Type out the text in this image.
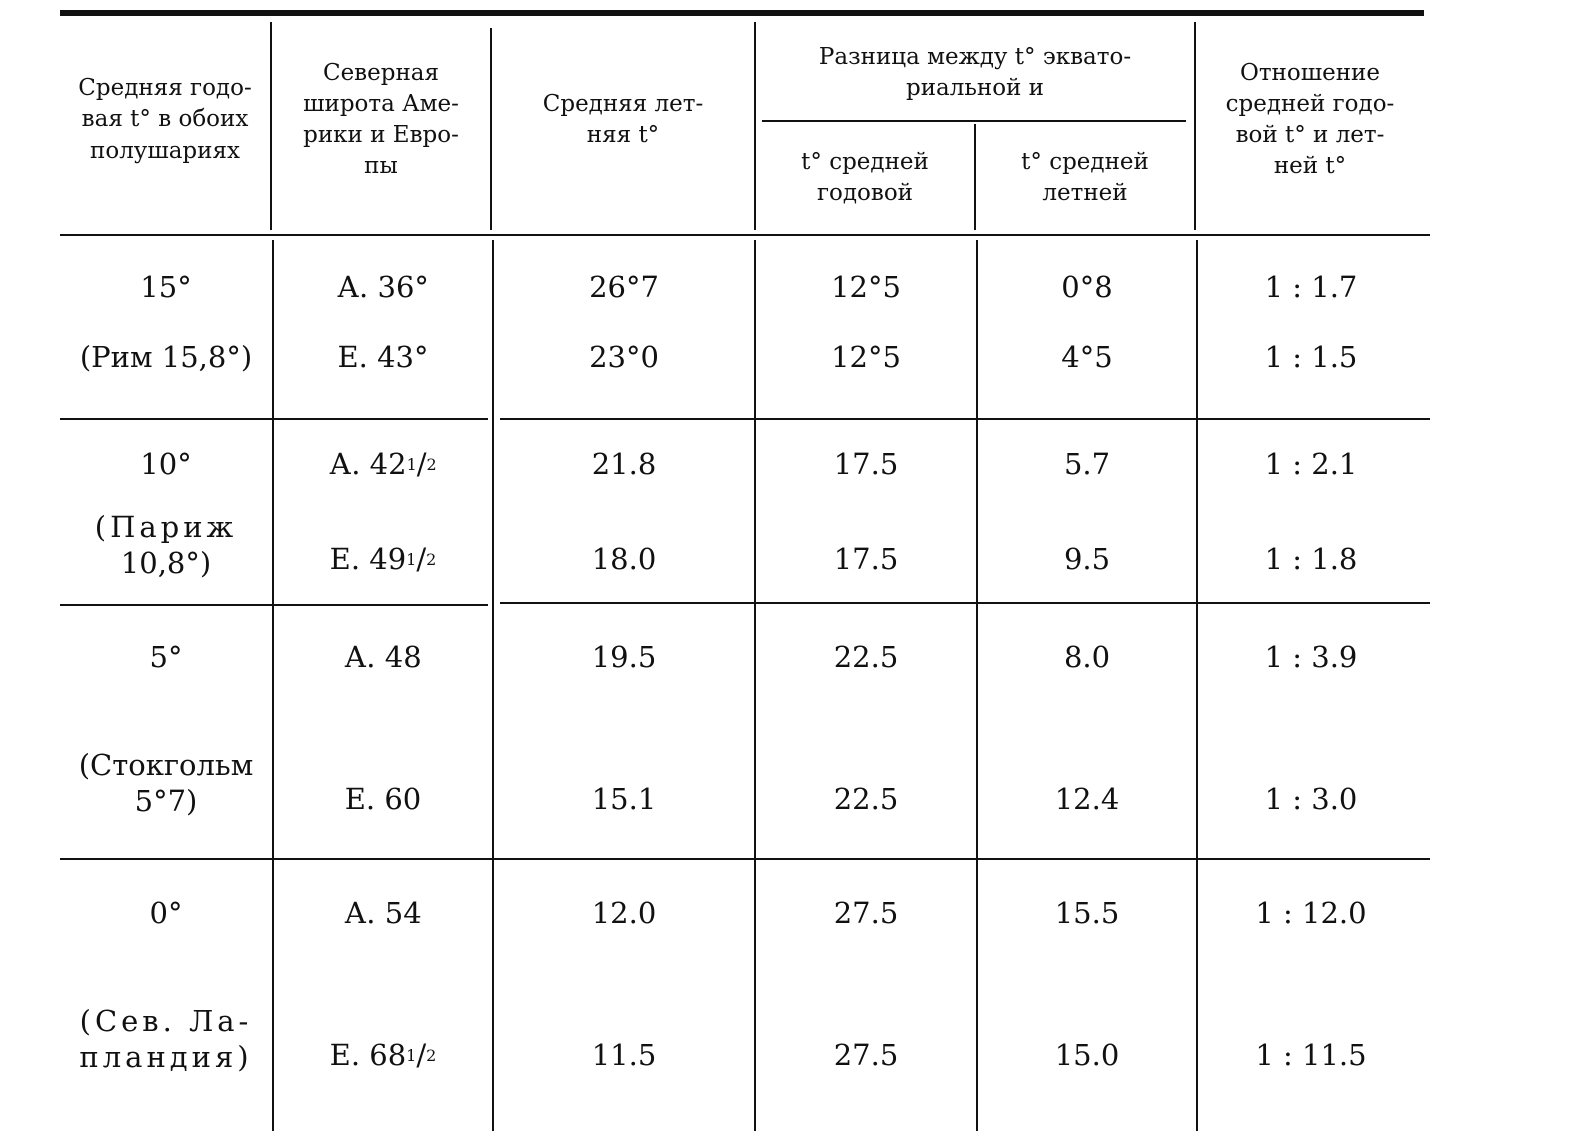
Средняя годо-
вая t° в обоих
полушариях
Северная
широта Аме-
рики и Евро-
пы
Средняя лет-
няя t°
Разница между t° эквато-
риальной и
t° средней
годовой
t° средней
летней
Отношение
средней годо-
вой t° и лет-
ней t°
15°
(Рим 15,8°)
А. 36°
Е. 43°
26°7
23°0
12°5
12°5
0°8
4°5
1 : 1.7
1 : 1.5
10°
(Париж
10,8°)
А. 42 1 / 2
Е. 49 1 / 2
21.8
18.0
17.5
17.5
5.7
9.5
1 : 2.1
1 : 1.8
5°
(Стокгольм
5°7)
А. 48
Е. 60
19.5
15.1
22.5
22.5
8.0
12.4
1 : 3.9
1 : 3.0
0°
(Сев. Ла-
пландия)
А. 54
Е. 68 1 / 2
12.0
11.5
27.5
27.5
15.5
15.0
1 : 12.0
1 : 11.5
